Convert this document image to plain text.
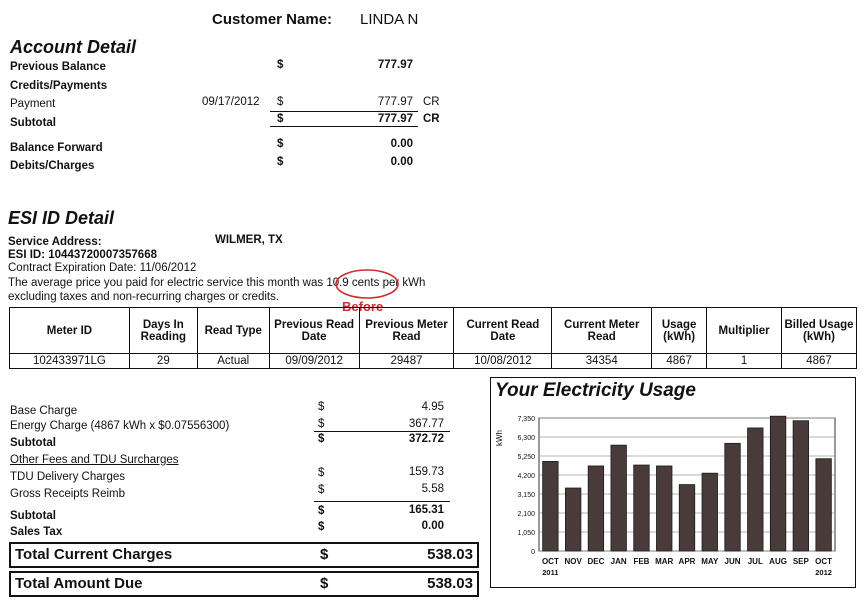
Customer Name: LINDA N
Account Detail
Previous Balance	$	777.97
Credits/Payments
Payment	09/17/2012 $	777.97 CR
Subtotal	$	777.97 CR
Balance Forward	$	0.00
Debits/Charges	$	0.00
ESI ID Detail
Service Address:	WILMER, TX
ESI ID: 10443720007357668
Contract Expiration Date: 11/06/2012
The average price you paid for electric service this month was 10.9 cents per kWh
excluding taxes and non-recurring charges or credits.
Before
Meter ID	Days In Reading	Read Type	Previous Read Date	Previous Meter Read	Current Read Date	Current Meter Read	Usage (kWh)	Multiplier	Billed Usage (kWh)
102433971LG	29	Actual	09/09/2012	29487	10/08/2012	34354	4867	1	4867
Base Charge	$	4.95
Energy Charge (4867 kWh x $0.07556300)	$	367.77
Subtotal	$	372.72
Other Fees and TDU Surcharges
TDU Delivery Charges	$	159.73
Gross Receipts Reimb	$	5.58
Subtotal	$	165.31
Sales Tax	$	0.00
Total Current Charges	$	538.03
Total Amount Due	$	538.03
Your Electricity Usage
0
1,050
2,100
3,150
4,200
5,250
6,300
7,350
kWh
OCT NOV DEC JAN FEB MAR APR MAY JUN JUL AUG SEP OCT
2011	2012
